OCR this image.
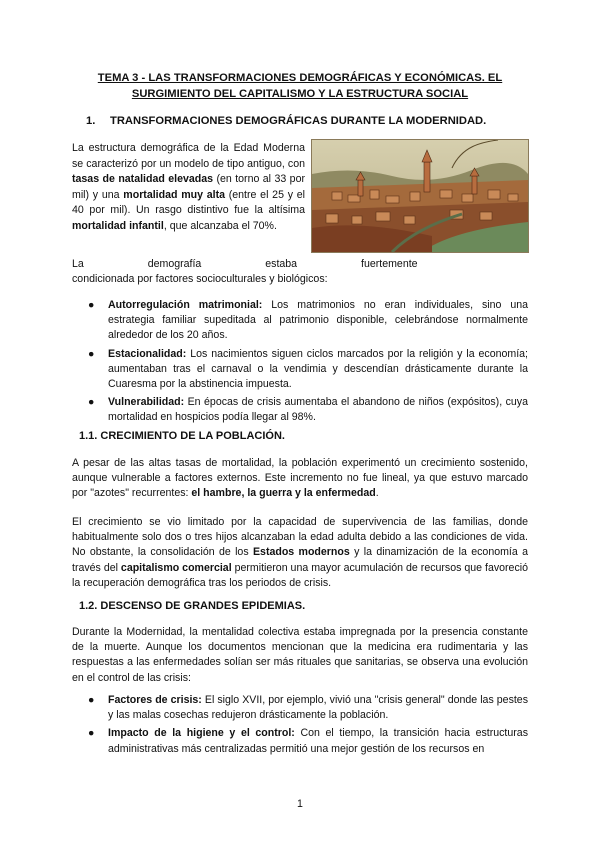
TEMA 3 - LAS TRANSFORMACIONES DEMOGRÁFICAS Y ECONÓMICAS. EL
SURGIMIENTO DEL CAPITALISMO Y LA ESTRUCTURA SOCIAL
1. TRANSFORMACIONES DEMOGRÁFICAS DURANTE LA MODERNIDAD.
La estructura demográfica de la Edad Moderna se caracterizó por un modelo de tipo antiguo, con tasas de natalidad elevadas (en torno al 33 por mil) y una mortalidad muy alta (entre el 25 y el 40 por mil). Un rasgo distintivo fue la altísima mortalidad infantil, que alcanzaba el 70%.
La demografía estaba fuertemente
condicionada por factores socioculturales y biológicos:
● Autorregulación matrimonial: Los matrimonios no eran individuales, sino una estrategia familiar supeditada al patrimonio disponible, celebrándose normalmente alrededor de los 20 años.
● Estacionalidad: Los nacimientos siguen ciclos marcados por la religión y la economía; aumentaban tras el carnaval o la vendimia y descendían drásticamente durante la Cuaresma por la abstinencia impuesta.
● Vulnerabilidad: En épocas de crisis aumentaba el abandono de niños (expósitos), cuya mortalidad en hospicios podía llegar al 98%.
1.1. CRECIMIENTO DE LA POBLACIÓN.
A pesar de las altas tasas de mortalidad, la población experimentó un crecimiento sostenido, aunque vulnerable a factores externos. Este incremento no fue lineal, ya que estuvo marcado por "azotes" recurrentes: el hambre, la guerra y la enfermedad.
El crecimiento se vio limitado por la capacidad de supervivencia de las familias, donde habitualmente solo dos o tres hijos alcanzaban la edad adulta debido a las condiciones de vida. No obstante, la consolidación de los Estados modernos y la dinamización de la economía a través del capitalismo comercial permitieron una mayor acumulación de recursos que favoreció la recuperación demográfica tras los periodos de crisis.
1.2. DESCENSO DE GRANDES EPIDEMIAS.
Durante la Modernidad, la mentalidad colectiva estaba impregnada por la presencia constante de la muerte. Aunque los documentos mencionan que la medicina era rudimentaria y las respuestas a las enfermedades solían ser más rituales que sanitarias, se observa una evolución en el control de las crisis:
● Factores de crisis: El siglo XVII, por ejemplo, vivió una "crisis general" donde las pestes y las malas cosechas redujeron drásticamente la población.
● Impacto de la higiene y el control: Con el tiempo, la transición hacia estructuras administrativas más centralizadas permitió una mejor gestión de los recursos en
1
